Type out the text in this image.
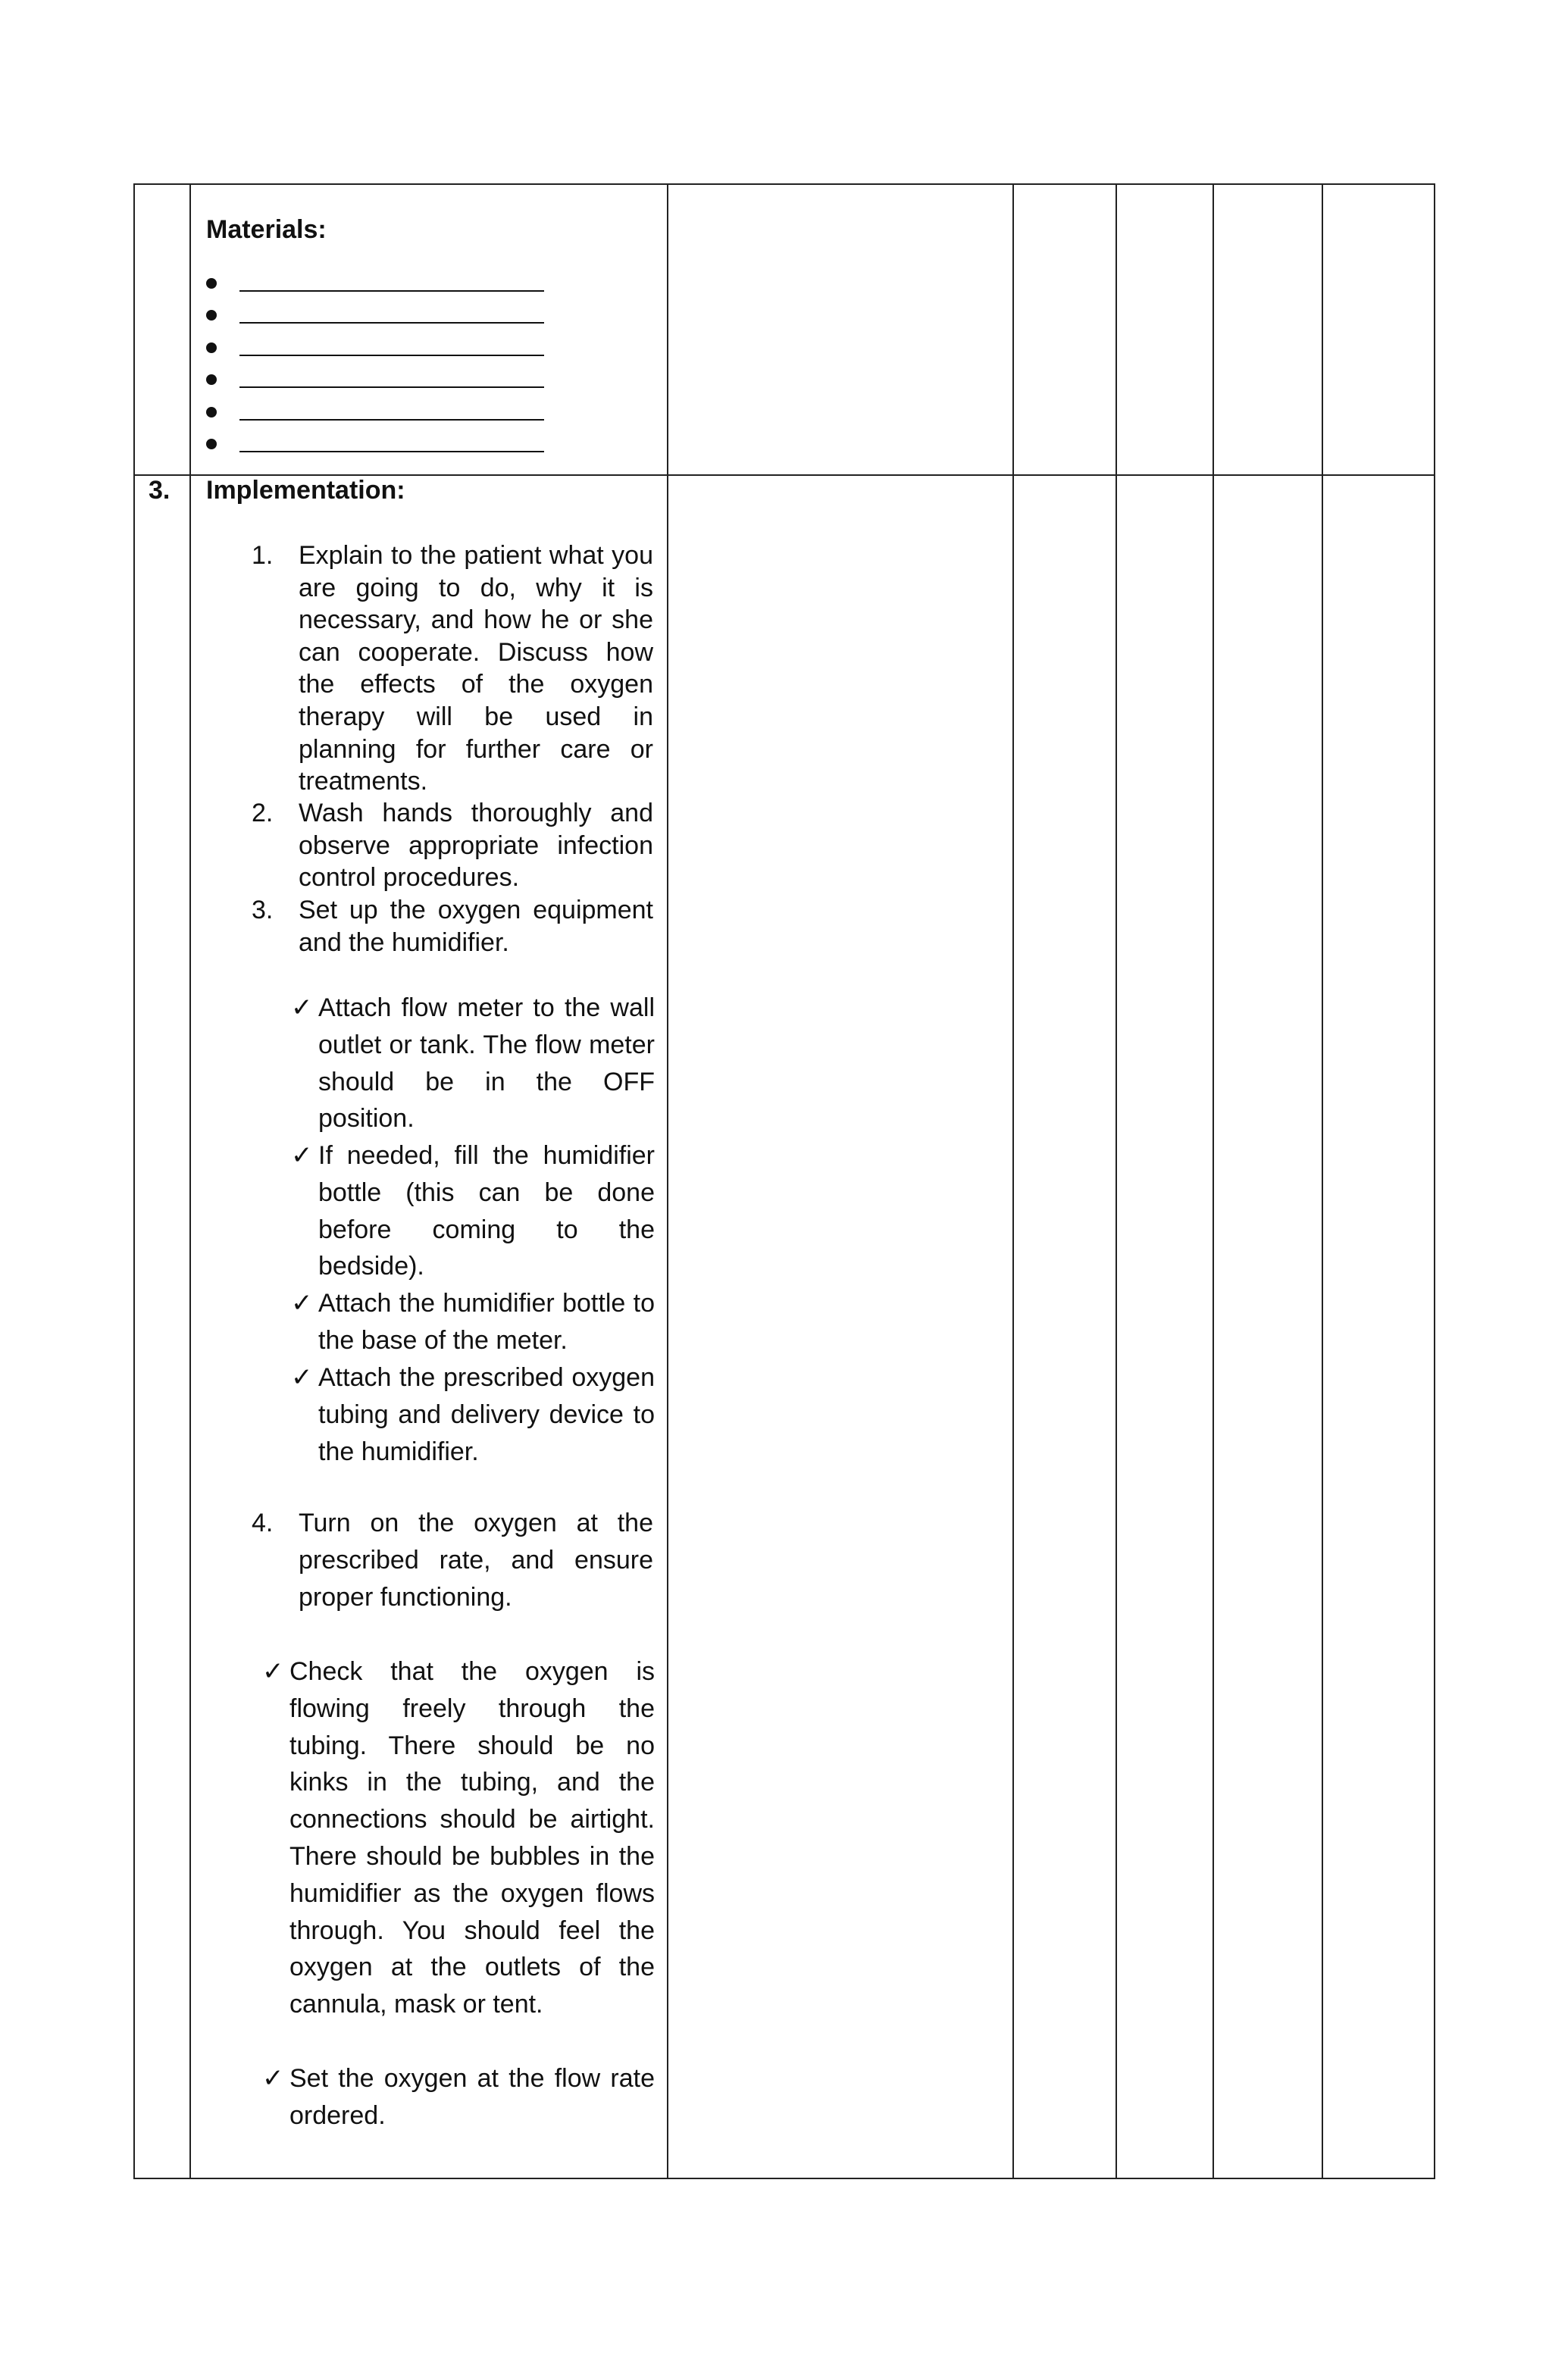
Materials:
3. Implementation:
1. Explain to the patient what you are going to do, why it is necessary, and how he or she can cooperate. Discuss how the effects of the oxygen therapy will be used in planning for further care or treatments.
2. Wash hands thoroughly and observe appropriate infection control procedures.
3. Set up the oxygen equipment and the humidifier.
✓ Attach flow meter to the wall outlet or tank. The flow meter should be in the OFF position.
✓ If needed, fill the humidifier bottle (this can be done before coming to the bedside).
✓ Attach the humidifier bottle to the base of the meter.
✓ Attach the prescribed oxygen tubing and delivery device to the humidifier.
4. Turn on the oxygen at the prescribed rate, and ensure proper functioning.
✓ Check that the oxygen is flowing freely through the tubing. There should be no kinks in the tubing, and the connections should be airtight. There should be bubbles in the humidifier as the oxygen flows through. You should feel the oxygen at the outlets of the cannula, mask or tent.
✓ Set the oxygen at the flow rate ordered.
